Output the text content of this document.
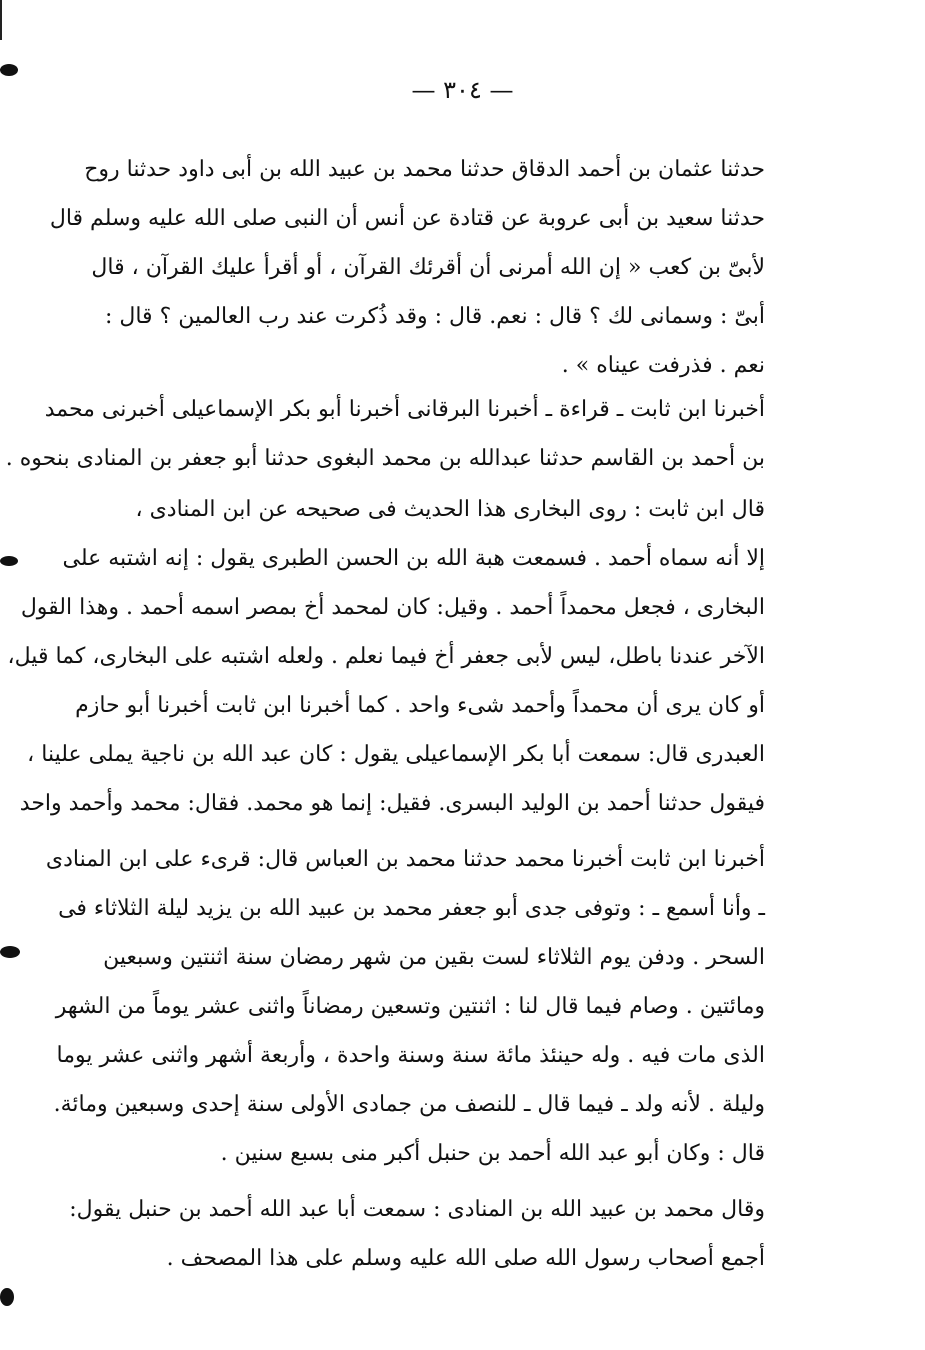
— ٣٠٤ —
حدثنا عثمان بن أحمد الدقاق حدثنا محمد بن عبيد الله بن أبى داود حدثنا روح
حدثنا سعيد بن أبى عروبة عن قتادة عن أنس أن النبى صلى الله عليه وسلم قال
لأبىّ بن كعب « إن الله أمرنى أن أقرئك القرآن ، أو أقرأ عليك القرآن ، قال
أبىّ : وسمانى لك ؟ قال : نعم. قال : وقد ذُكرت عند رب العالمين ؟ قال :
نعم . فذرفت عيناه » .
أخبرنا ابن ثابت ـ قراءة ـ أخبرنا البرقانى أخبرنا أبو بكر الإسماعيلى أخبرنى محمد
بن أحمد بن القاسم حدثنا عبدالله بن محمد البغوى حدثنا أبو جعفر بن المنادى بنحوه .
قال ابن ثابت : روى البخارى هذا الحديث فى صحيحه عن ابن المنادى ،
إلا أنه سماه أحمد . فسمعت هبة الله بن الحسن الطبرى يقول : إنه اشتبه على
البخارى ، فجعل محمداً أحمد . وقيل: كان لمحمد أخ بمصر اسمه أحمد . وهذا القول
الآخر عندنا باطل، ليس لأبى جعفر أخ فيما نعلم . ولعله اشتبه على البخارى، كما قيل،
أو كان يرى أن محمداً وأحمد شىء واحد . كما أخبرنا ابن ثابت أخبرنا أبو حازم
العبدرى قال: سمعت أبا بكر الإسماعيلى يقول : كان عبد الله بن ناجية يملى علينا ،
فيقول حدثنا أحمد بن الوليد البسرى. فقيل: إنما هو محمد. فقال: محمد وأحمد واحد
أخبرنا ابن ثابت أخبرنا محمد حدثنا محمد بن العباس قال: قرىء على ابن المنادى
ـ وأنا أسمع ـ : وتوفى جدى أبو جعفر محمد بن عبيد الله بن يزيد ليلة الثلاثاء فى
السحر . ودفن يوم الثلاثاء لست بقين من شهر رمضان سنة اثنتين وسبعين
ومائتين . وصام فيما قال لنا : اثنتين وتسعين رمضاناً واثنى عشر يوماً من الشهر
الذى مات فيه . وله حينئذ مائة سنة وسنة واحدة ، وأربعة أشهر واثنى عشر يوما
وليلة . لأنه ولد ـ فيما قال ـ للنصف من جمادى الأولى سنة إحدى وسبعين ومائة.
قال : وكان أبو عبد الله أحمد بن حنبل أكبر منى بسبع سنين .
وقال محمد بن عبيد الله بن المنادى : سمعت أبا عبد الله أحمد بن حنبل يقول:
أجمع أصحاب رسول الله صلى الله عليه وسلم على هذا المصحف .
